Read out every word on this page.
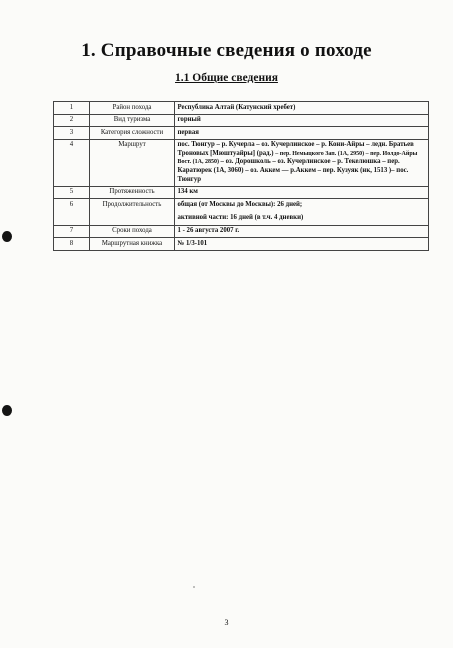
1. Справочные сведения о походе
1.1 Общие сведения
1	Район похода	Республика Алтай (Катунский хребет)
2	Вид туризма	горный
3	Категория сложности	первая
4	Маршрут	пос. Тюнгур – р. Кучерла – оз. Кучерлинское – р. Кони-Айры – ледн. Братьев Троновых [Мюштуайры] (рад.) – пер. Немыцкого Зап. (1А, 2950) – пер. Иолдо-Айры Вост. (1А, 2850) – оз. Дорошколь – оз. Кучерлинское – р. Текелюшка – пер. Каратюрек (1А, 3060) – оз. Аккем — р.Аккем – пер. Кузуяк (нк, 1513 )– пос. Тюнгур
5	Протяженность	134 км
6	Продолжительность	общая (от Москвы до Москвы): 26 дней;
активной части: 16 дней (в т.ч. 4 дневки)

7	Сроки похода	1 - 26 августа 2007 г.
8	Маршрутная книжка	№ 1/3-101
3
